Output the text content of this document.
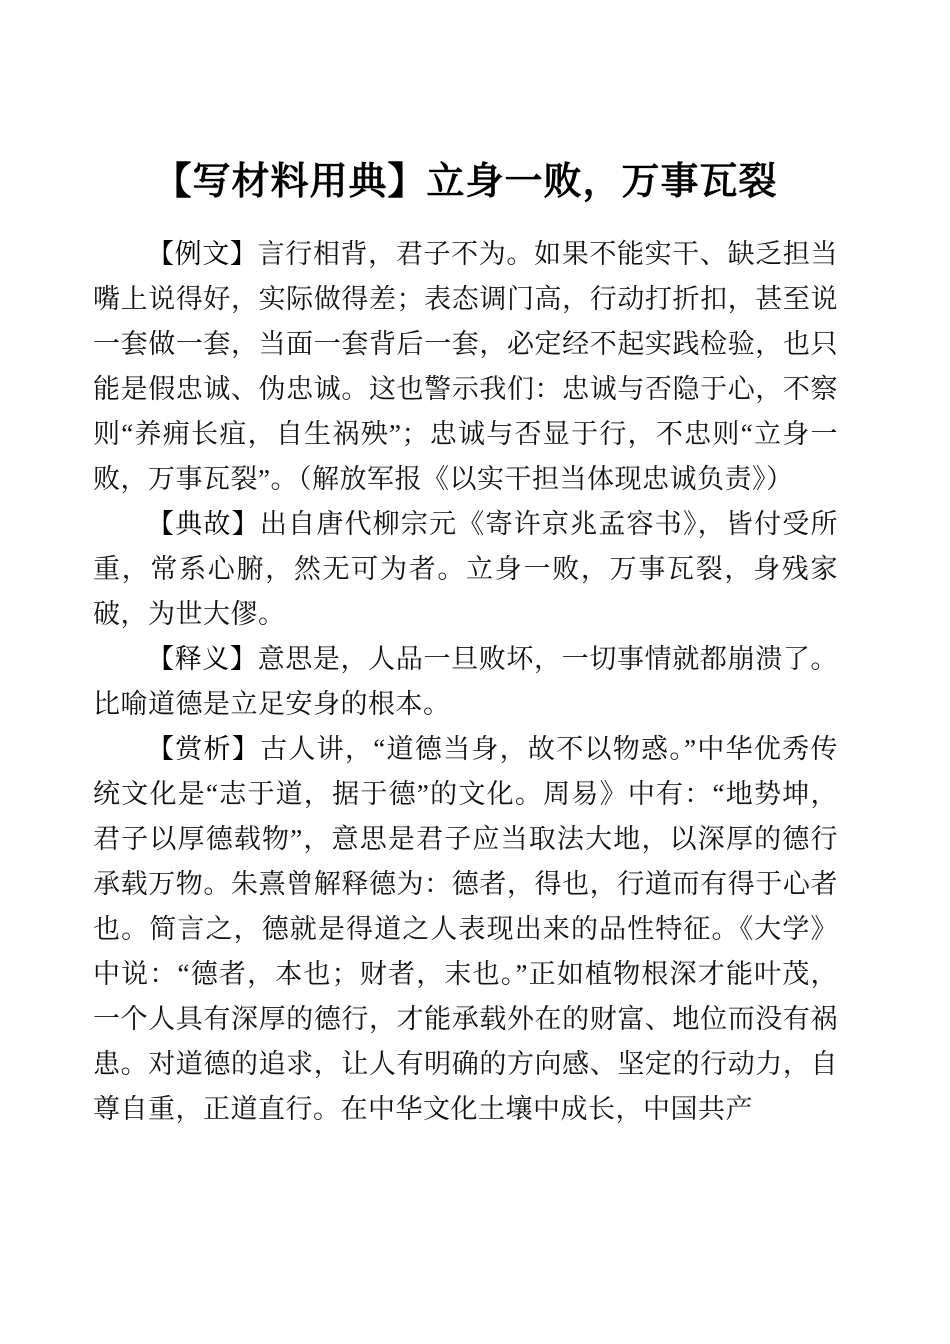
【写材料用典】立身一败，万事瓦裂

【例文】言行相背，君子不为。如果不能实干、缺乏担当嘴上说得好，实际做得差；表态调门高，行动打折扣，甚至说一套做一套，当面一套背后一套，必定经不起实践检验，也只能是假忠诚、伪忠诚。这也警示我们：忠诚与否隐于心，不察则“养痈长疽，自生祸殃”；忠诚与否显于行，不忠则“立身一败，万事瓦裂”。（解放军报《以实干担当体现忠诚负责》）

【典故】出自唐代柳宗元《寄许京兆孟容书》，皆付受所重，常系心腑，然无可为者。立身一败，万事瓦裂，身残家破，为世大僇。

【释义】意思是，人品一旦败坏，一切事情就都崩溃了。比喻道德是立足安身的根本。

【赏析】古人讲，“道德当身，故不以物惑。”中华优秀传统文化是“志于道，据于德”的文化。周易》中有：“地势坤，君子以厚德载物”，意思是君子应当取法大地，以深厚的德行承载万物。朱熹曾解释德为：德者，得也，行道而有得于心者也。简言之，德就是得道之人表现出来的品性特征。《大学》中说：“德者，本也；财者，末也。”正如植物根深才能叶茂，一个人具有深厚的德行，才能承载外在的财富、地位而没有祸患。对道德的追求，让人有明确的方向感、坚定的行动力，自尊自重，正道直行。在中华文化土壤中成长，中国共产
